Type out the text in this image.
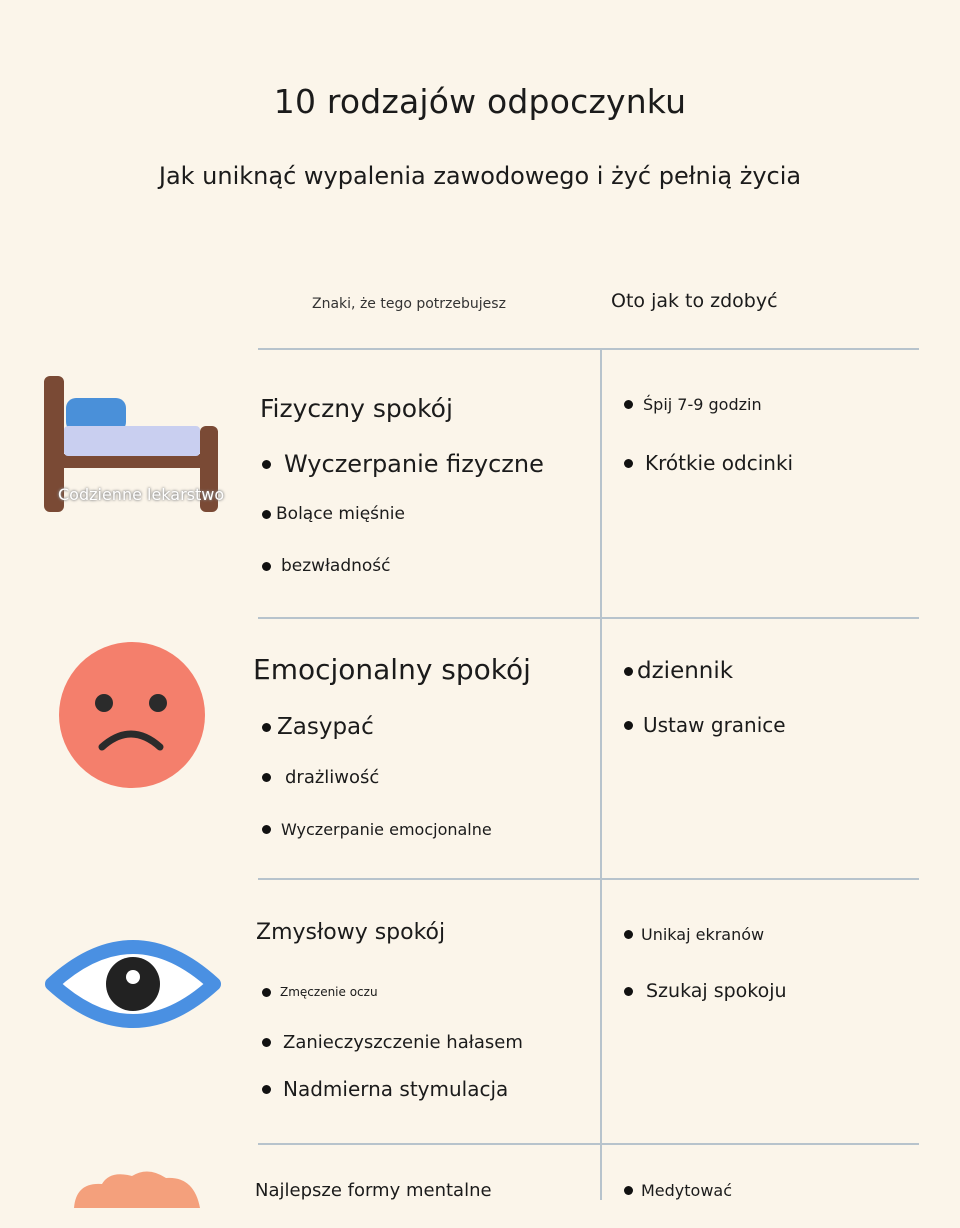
10 rodzajów odpoczynku
Jak uniknąć wypalenia zawodowego i żyć pełnią życia
Znaki, że tego potrzebujesz	Oto jak to zdobyć
Codzienne lekarstwo
Fizyczny spokój
Wyczerpanie fizyczne
Bolące mięśnie
bezwładność
Śpij 7-9 godzin
Krótkie odcinki
Emocjonalny spokój
Zasypać
drażliwość
Wyczerpanie emocjonalne
dziennik
Ustaw granice
Zmysłowy spokój
Zmęczenie oczu
Zanieczyszczenie hałasem
Nadmierna stymulacja
Unikaj ekranów
Szukaj spokoju
Najlepsze formy mentalne	Medytować
